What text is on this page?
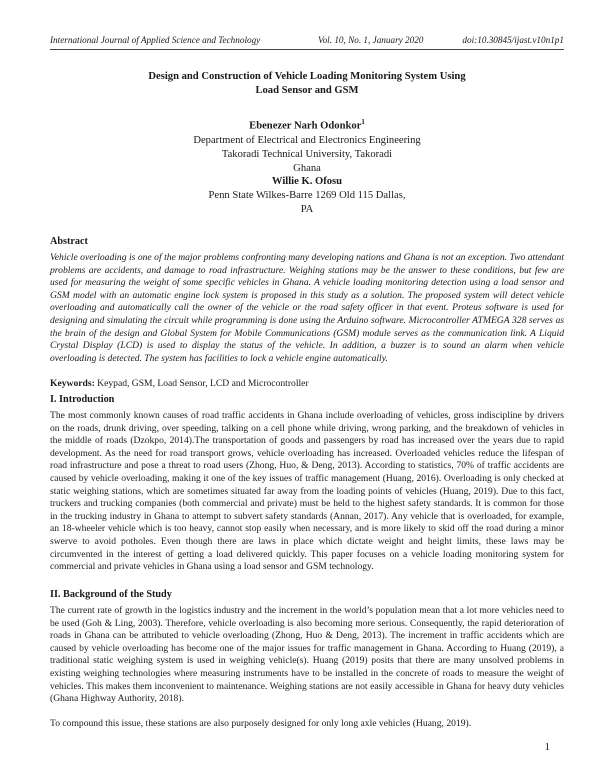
International Journal of Applied Science and Technology	Vol. 10, No. 1, January 2020	doi:10.30845/ijast.v10n1p1
Design and Construction of Vehicle Loading Monitoring System Using
Load Sensor and GSM
Ebenezer Narh Odonkor$^1$
Department of Electrical and Electronics Engineering
Takoradi Technical University, Takoradi
Ghana
Willie K. Ofosu
Penn State Wilkes-Barre 1269 Old 115 Dallas,
PA
Abstract

Vehicle overloading is one of the major problems confronting many developing nations and Ghana is not an exception. Two attendant problems are accidents, and damage to road infrastructure. Weighing stations may be the answer to these conditions, but few are used for measuring the weight of some specific vehicles in Ghana. A vehicle loading monitoring detection using a load sensor and GSM model with an automatic engine lock system is proposed in this study as a solution. The proposed system will detect vehicle overloading and automatically call the owner of the vehicle or the road safety officer in that event. Proteus software is used for designing and simulating the circuit while programming is done using the Arduino software. Microcontroller ATMEGA 328 serves as the brain of the design and Global System for Mobile Communications (GSM) module serves as the communication link. A Liquid Crystal Display (LCD) is used to display the status of the vehicle. In addition, a buzzer is to sound an alarm when vehicle overloading is detected. The system has facilities to lock a vehicle engine automatically.

Keywords: Keypad, GSM, Load Sensor, LCD and Microcontroller
I. Introduction

The most commonly known causes of road traffic accidents in Ghana include overloading of vehicles, gross indiscipline by drivers on the roads, drunk driving, over speeding, talking on a cell phone while driving, wrong parking, and the breakdown of vehicles in the middle of roads (Dzokpo, 2014).The transportation of goods and passengers by road has increased over the years due to rapid development. As the need for road transport grows, vehicle overloading has increased. Overloaded vehicles reduce the lifespan of road infrastructure and pose a threat to road users (Zhong, Huo, & Deng, 2013). According to statistics, 70% of traffic accidents are caused by vehicle overloading, making it one of the key issues of traffic management (Huang, 2016). Overloading is only checked at static weighing stations, which are sometimes situated far away from the loading points of vehicles (Huang, 2019). Due to this fact, truckers and trucking companies (both commercial and private) must be held to the highest safety standards. It is common for those in the trucking industry in Ghana to attempt to subvert safety standards (Annan, 2017). Any vehicle that is overloaded, for example, an 18-wheeler vehicle which is too heavy, cannot stop easily when necessary, and is more likely to skid off the road during a minor swerve to avoid potholes. Even though there are laws in place which dictate weight and height limits, these laws may be circumvented in the interest of getting a load delivered quickly. This paper focuses on a vehicle loading monitoring system for commercial and private vehicles in Ghana using a load sensor and GSM technology.

II. Background of the Study

The current rate of growth in the logistics industry and the increment in the world’s population mean that a lot more vehicles need to be used (Goh & Ling, 2003). Therefore, vehicle overloading is also becoming more serious. Consequently, the rapid deterioration of roads in Ghana can be attributed to vehicle overloading (Zhong, Huo & Deng, 2013). The increment in traffic accidents which are caused by vehicle overloading has become one of the major issues for traffic management in Ghana. According to Huang (2019), a traditional static weighing system is used in weighing vehicle(s). Huang (2019) posits that there are many unsolved problems in existing weighing technologies where measuring instruments have to be installed in the concrete of roads to measure the weight of vehicles. This makes them inconvenient to maintenance. Weighing stations are not easily accessible in Ghana for heavy duty vehicles (Ghana Highway Authority, 2018).

To compound this issue, these stations are also purposely designed for only long axle vehicles (Huang, 2019).

1
